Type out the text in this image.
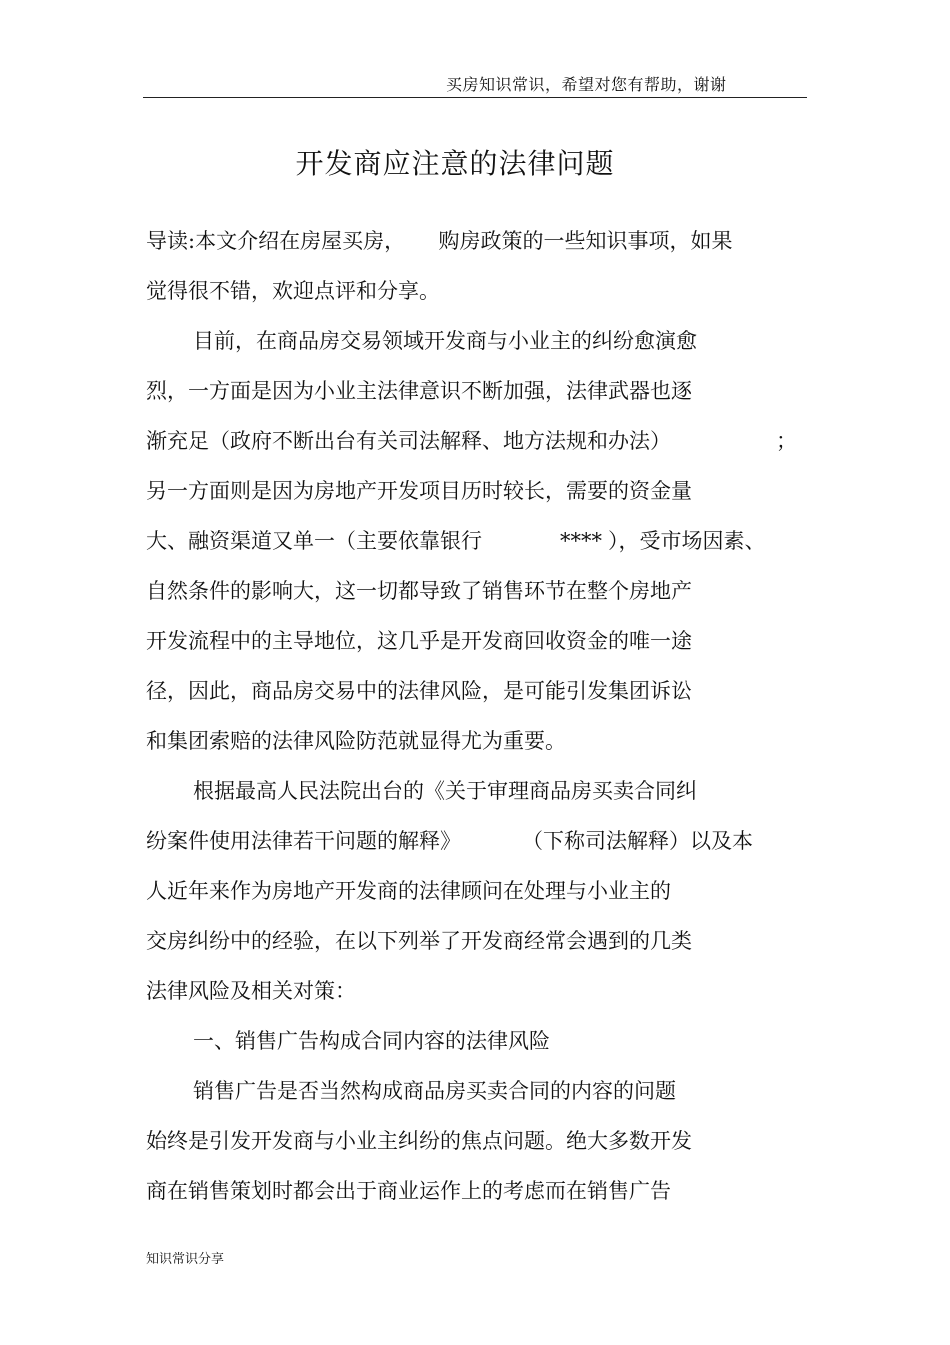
买房知识常识，希望对您有帮助，谢谢
开发商应注意的法律问题
导读:本文介绍在房屋买房，     购房政策的一些知识事项，如果
觉得很不错，欢迎点评和分享。
目前，在商品房交易领域开发商与小业主的纠纷愈演愈
烈，一方面是因为小业主法律意识不断加强，法律武器也逐
渐充足（政府不断出台有关司法解释、地方法规和办法）	；
另一方面则是因为房地产开发项目历时较长，需要的资金量
大、融资渠道又单一（主要依靠银行	**** ），受市场因素、
自然条件的影响大，这一切都导致了销售环节在整个房地产
开发流程中的主导地位，这几乎是开发商回收资金的唯一途
径，因此，商品房交易中的法律风险，是可能引发集团诉讼
和集团索赔的法律风险防范就显得尤为重要。
根据最高人民法院出台的《关于审理商品房买卖合同纠
纷案件使用法律若干问题的解释》	（下称司法解释）以及本
人近年来作为房地产开发商的法律顾问在处理与小业主的
交房纠纷中的经验，在以下列举了开发商经常会遇到的几类
法律风险及相关对策：
一、销售广告构成合同内容的法律风险
销售广告是否当然构成商品房买卖合同的内容的问题
始终是引发开发商与小业主纠纷的焦点问题。绝大多数开发
商在销售策划时都会出于商业运作上的考虑而在销售广告
知识常识分享
